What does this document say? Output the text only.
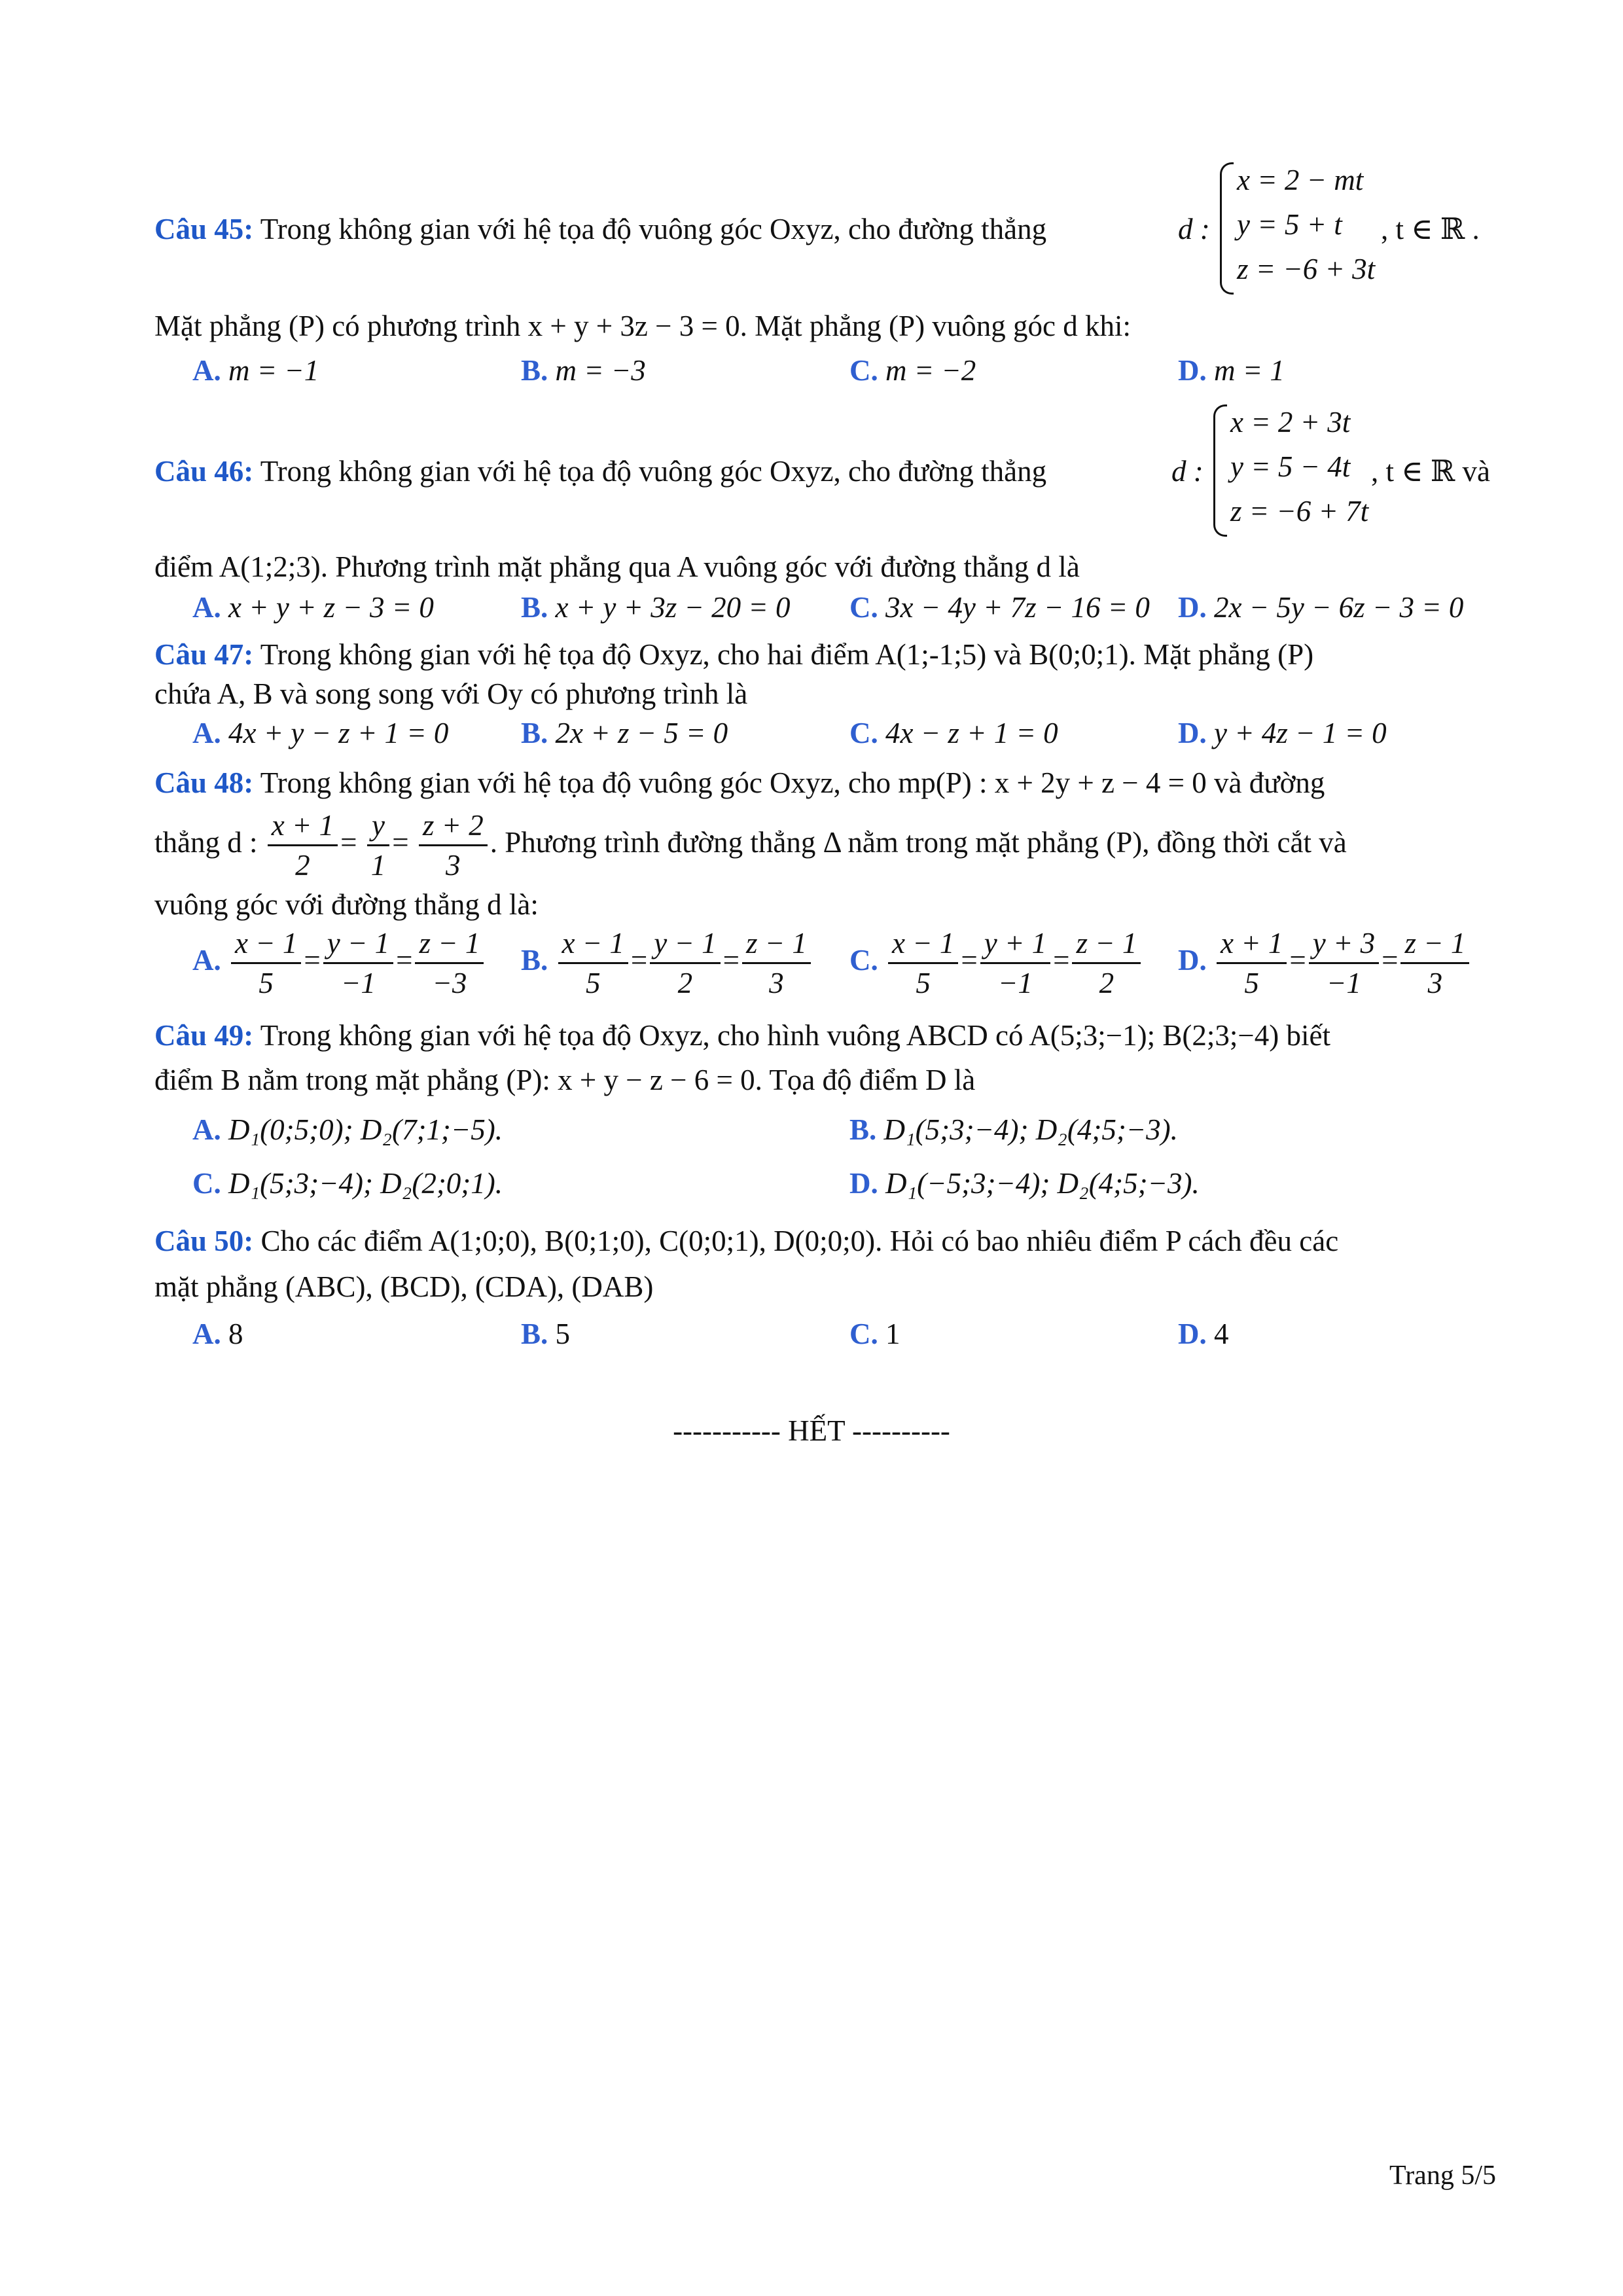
x = 2 − mt
y = 5 + t
z = −6 + 3t
Câu 45: Trong không gian với hệ tọa độ vuông góc Oxyz, cho đường thẳng	d :	, t ∈ ℝ .
Mặt phẳng (P) có phương trình x + y + 3z − 3 = 0. Mặt phẳng (P) vuông góc d khi:
A. m = −1	B. m = −3	C. m = −2	D. m = 1
x = 2 + 3t
y = 5 − 4t
z = −6 + 7t
Câu 46: Trong không gian với hệ tọa độ vuông góc Oxyz, cho đường thẳng	d :	, t ∈ ℝ và
điểm A(1;2;3). Phương trình mặt phẳng qua A vuông góc với đường thẳng d là
A. x + y + z − 3 = 0	B. x + y + 3z − 20 = 0 C. 3x − 4y + 7z − 16 = 0 D. 2x − 5y − 6z − 3 = 0
Câu 47: Trong không gian với hệ tọa độ Oxyz, cho hai điểm A(1;-1;5) và B(0;0;1). Mặt phẳng (P)
chứa A, B và song song với Oy có phương trình là
A. 4x + y − z + 1 = 0 B. 2x + z − 5 = 0	C. 4x − z + 1 = 0	D. y + 4z − 1 = 0
Câu 48: Trong không gian với hệ tọa độ vuông góc Oxyz, cho mp(P) : x + 2y + z − 4 = 0 và đường
thẳng d : $\frac{x + 1}{2} = \frac{y}{1} = \frac{z + 2}{3}$ . Phương trình đường thẳng Δ nằm trong mặt phẳng (P), đồng thời cắt và
vuông góc với đường thẳng d là:
A. $\frac{x - 1}{5} = \frac{y - 1}{-1} = \frac{z - 1}{-3} B$. $\frac{x - 1}{5} = \frac{y - 1}{2} = \frac{z - 1}{3} C$. $\frac{x - 1}{5} = \frac{y + 1}{-1} = \frac{z - 1}{2} D$. $\frac{x + 1}{5} = \frac{y + 3}{-1} = \frac{z - 1}{3}$
Câu 49: Trong không gian với hệ tọa độ Oxyz, cho hình vuông ABCD có A(5;3;−1); B(2;3;−4) biết
điểm B nằm trong mặt phẳng (P): x + y − z − 6 = 0. Tọa độ điểm D là
A. D₁(0;5;0); D₂(7;1;−5).	B. D₁(5;3;−4); D₂(4;5;−3).
C. D₁(5;3;−4); D₂(2;0;1).	D. D₁(−5;3;−4); D₂(4;5;−3).
Câu 50: Cho các điểm A(1;0;0), B(0;1;0), C(0;0;1), D(0;0;0). Hỏi có bao nhiêu điểm P cách đều các
mặt phẳng (ABC), (BCD), (CDA), (DAB)
A. 8	B. 5	C. 1	D. 4
----------- HẾT ----------
Trang 5/5
